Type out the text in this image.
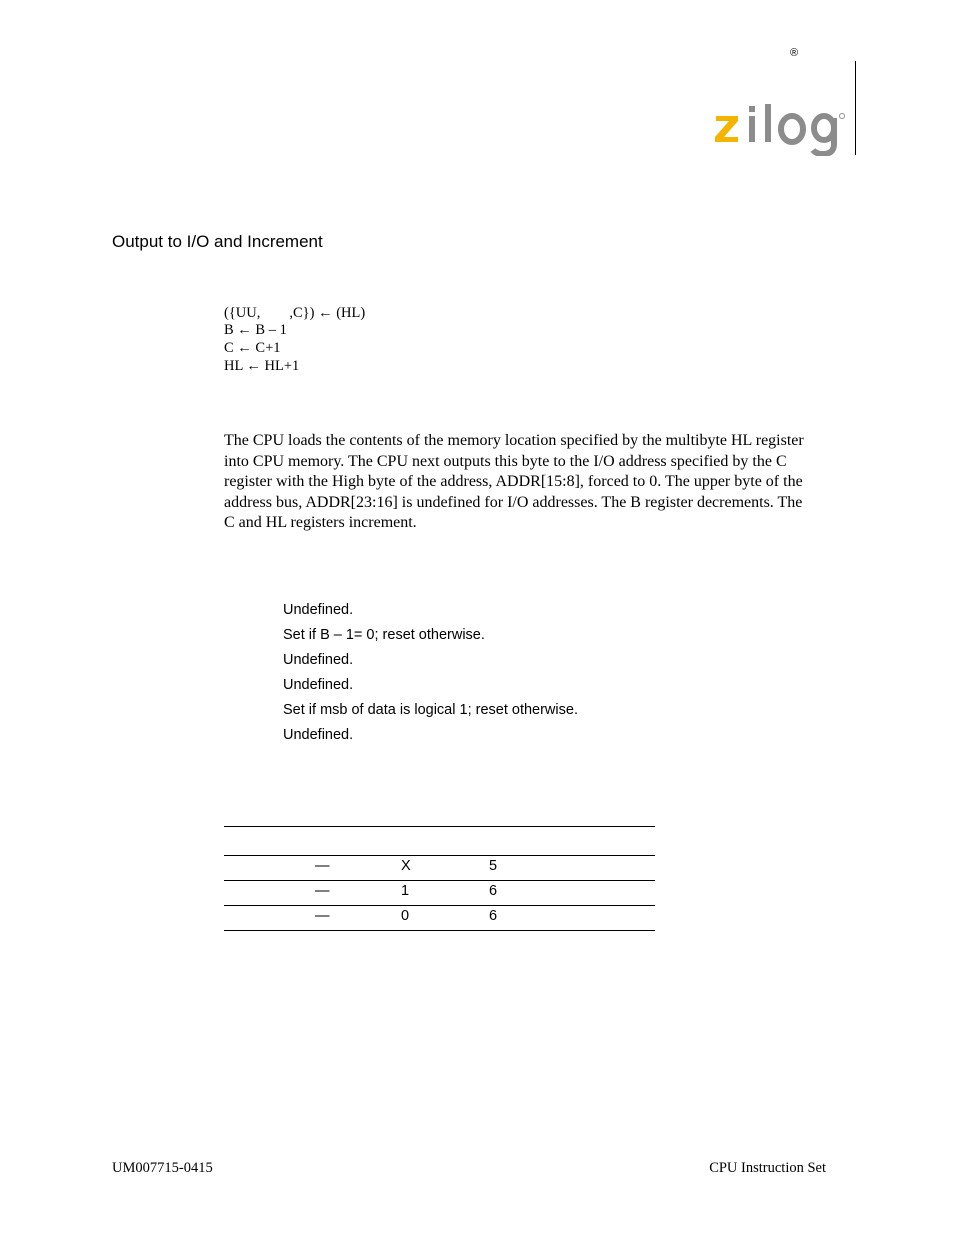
®
Output to I/O and Increment
({UU,        ,C}) ← (HL)
B ← B – 1
C ← C+1
HL ← HL+1
The CPU loads the contents of the memory location specified by the multibyte HL register
into CPU memory. The CPU next outputs this byte to the I/O address specified by the C
register with the High byte of the address, ADDR[15:8], forced to 0. The upper byte of the
address bus, ADDR[23:16] is undefined for I/O addresses. The B register decrements. The
C and HL registers increment.
Undefined.
Set if B – 1= 0; reset otherwise.
Undefined.
Undefined.
Set if msb of data is logical 1; reset otherwise.
Undefined.
—	X	5
—	1	6
—	0	6
UM007715-0415	CPU Instruction Set
